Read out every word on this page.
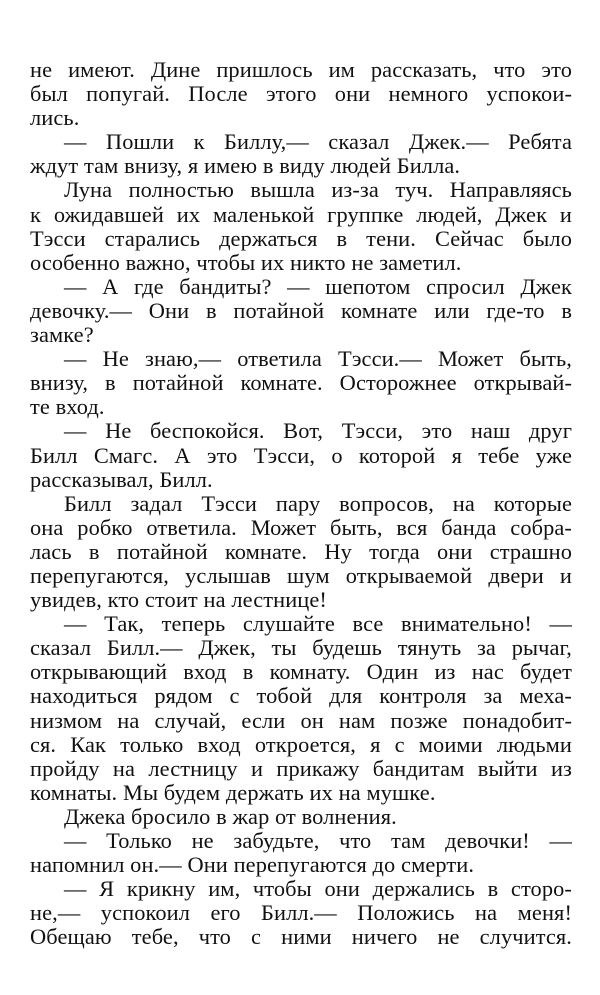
не имеют. Дине пришлось им рассказать, что это
был попугай. После этого они немного успокои-
лись.
— Пошли к Биллу,— сказал Джек.— Ребята
ждут там внизу, я имею в виду людей Билла.
Луна полностью вышла из-за туч. Направляясь
к ожидавшей их маленькой группке людей, Джек и
Тэсси старались держаться в тени. Сейчас было
особенно важно, чтобы их никто не заметил.
— А где бандиты? — шепотом спросил Джек
девочку.— Они в потайной комнате или где-то в
замке?
— Не знаю,— ответила Тэсси.— Может быть,
внизу, в потайной комнате. Осторожнее открывай-
те вход.
— Не беспокойся. Вот, Тэсси, это наш друг
Билл Смагс. А это Тэсси, о которой я тебе уже
рассказывал, Билл.
Билл задал Тэсси пару вопросов, на которые
она робко ответила. Может быть, вся банда собра-
лась в потайной комнате. Ну тогда они страшно
перепугаются, услышав шум открываемой двери и
увидев, кто стоит на лестнице!
— Так, теперь слушайте все внимательно! —
сказал Билл.— Джек, ты будешь тянуть за рычаг,
открывающий вход в комнату. Один из нас будет
находиться рядом с тобой для контроля за меха-
низмом на случай, если он нам позже понадобит-
ся. Как только вход откроется, я с моими людьми
пройду на лестницу и прикажу бандитам выйти из
комнаты. Мы будем держать их на мушке.
Джека бросило в жар от волнения.
— Только не забудьте, что там девочки! —
напомнил он.— Они перепугаются до смерти.
— Я крикну им, чтобы они держались в сторо-
не,— успокоил его Билл.— Положись на меня!
Обещаю тебе, что с ними ничего не случится.
